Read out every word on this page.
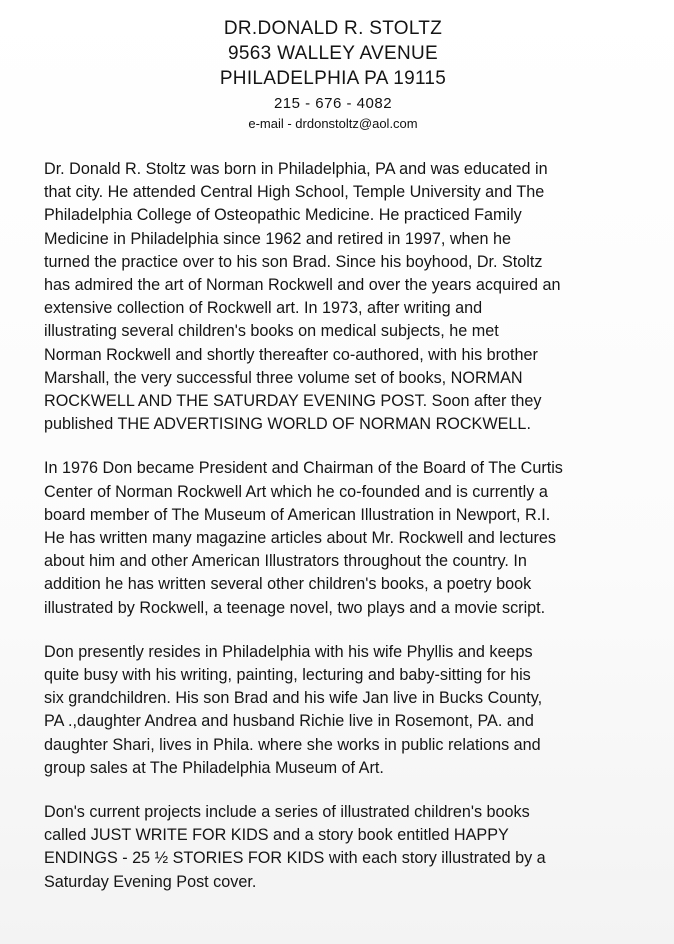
DR.DONALD R. STOLTZ
9563 WALLEY AVENUE
PHILADELPHIA PA 19115
215 - 676 - 4082
e-mail - drdonstoltz@aol.com

Dr. Donald R. Stoltz was born in Philadelphia, PA and was educated in
that city. He attended Central High School, Temple University and The
Philadelphia College of Osteopathic Medicine. He practiced Family
Medicine in Philadelphia since 1962 and retired in 1997, when he
turned the practice over to his son Brad. Since his boyhood, Dr. Stoltz
has admired the art of Norman Rockwell and over the years acquired an
extensive collection of Rockwell art. In 1973, after writing and
illustrating several children's books on medical subjects, he met
Norman Rockwell and shortly thereafter co-authored, with his brother
Marshall, the very successful three volume set of books, NORMAN
ROCKWELL AND THE SATURDAY EVENING POST. Soon after they
published THE ADVERTISING WORLD OF NORMAN ROCKWELL.

In 1976 Don became President and Chairman of the Board of The Curtis
Center of Norman Rockwell Art which he co-founded and is currently a
board member of The Museum of American Illustration in Newport, R.I.
He has written many magazine articles about Mr. Rockwell and lectures
about him and other American Illustrators throughout the country. In
addition he has written several other children's books, a poetry book
illustrated by Rockwell, a teenage novel, two plays and a movie script.

Don presently resides in Philadelphia with his wife Phyllis and keeps
quite busy with his writing, painting, lecturing and baby-sitting for his
six grandchildren. His son Brad and his wife Jan live in Bucks County,
PA .,daughter Andrea and husband Richie live in Rosemont, PA. and
daughter Shari, lives in Phila. where she works in public relations and
group sales at The Philadelphia Museum of Art.

Don's current projects include a series of illustrated children's books
called JUST WRITE FOR KIDS and a story book entitled HAPPY
ENDINGS - 25 ½ STORIES FOR KIDS with each story illustrated by a
Saturday Evening Post cover.
